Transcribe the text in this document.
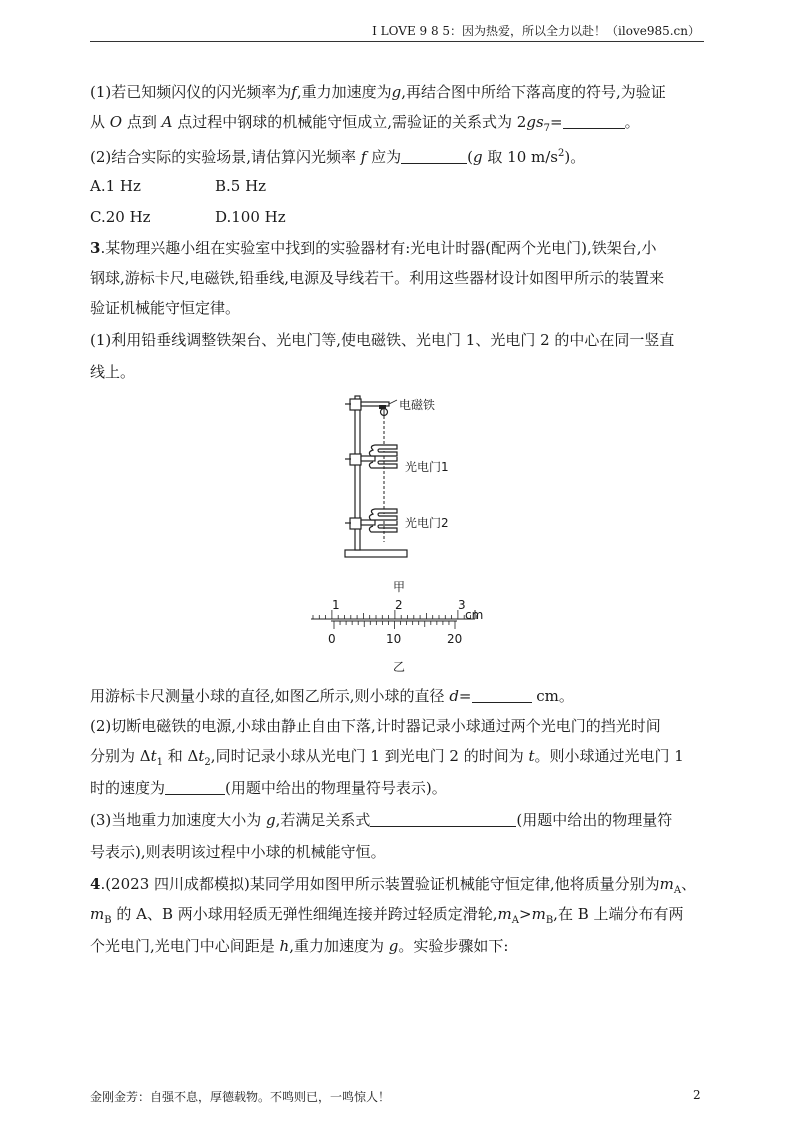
I LOVE 9 8 5：因为热爱，所以全力以赴！（ilove985.cn）
(1)若已知频闪仪的闪光频率为f,重力加速度为g,再结合图中所给下落高度的符号,为验证
从 O 点到 A 点过程中钢球的机械能守恒成立,需验证的关系式为 $2gs_7=$	。
(2)结合实际的实验场景,请估算闪光频率 f 应为	(g 取 10 $m/s^2$)。
A.1 Hz	B.5 Hz
C.20 Hz	D.100 Hz
3.某物理兴趣小组在实验室中找到的实验器材有:光电计时器(配两个光电门),铁架台,小
钢球,游标卡尺,电磁铁,铅垂线,电源及导线若干。利用这些器材设计如图甲所示的装置来
验证机械能守恒定律。
(1)利用铅垂线调整铁架台、光电门等,使电磁铁、光电门 1、光电门 2 的中心在同一竖直
线上。
电磁铁
光电门1
光电门2
甲
1	2	3
cm
0	10	20
乙
用游标卡尺测量小球的直径,如图乙所示,则小球的直径 d=	cm。
(2)切断电磁铁的电源,小球由静止自由下落,计时器记录小球通过两个光电门的挡光时间
分别为 $\Delta t_1$ 和 $\Delta t_2$,同时记录小球从光电门 1 到光电门 2 的时间为 t。则小球通过光电门 1
时的速度为	(用题中给出的物理量符号表示)。
(3)当地重力加速度大小为 g,若满足关系式	(用题中给出的物理量符
号表示),则表明该过程中小球的机械能守恒。
4.(2023 四川成都模拟)某同学用如图甲所示装置验证机械能守恒定律,他将质量分别为$m_A$、
$m_B$ 的 A、B 两小球用轻质无弹性细绳连接并跨过轻质定滑轮$,m_A>m_B$,在 B 上端分布有两
个光电门,光电门中心间距是 h,重力加速度为 g。实验步骤如下:
金刚金芳：自强不息，厚德载物。不鸣则已，一鸣惊人！	2
